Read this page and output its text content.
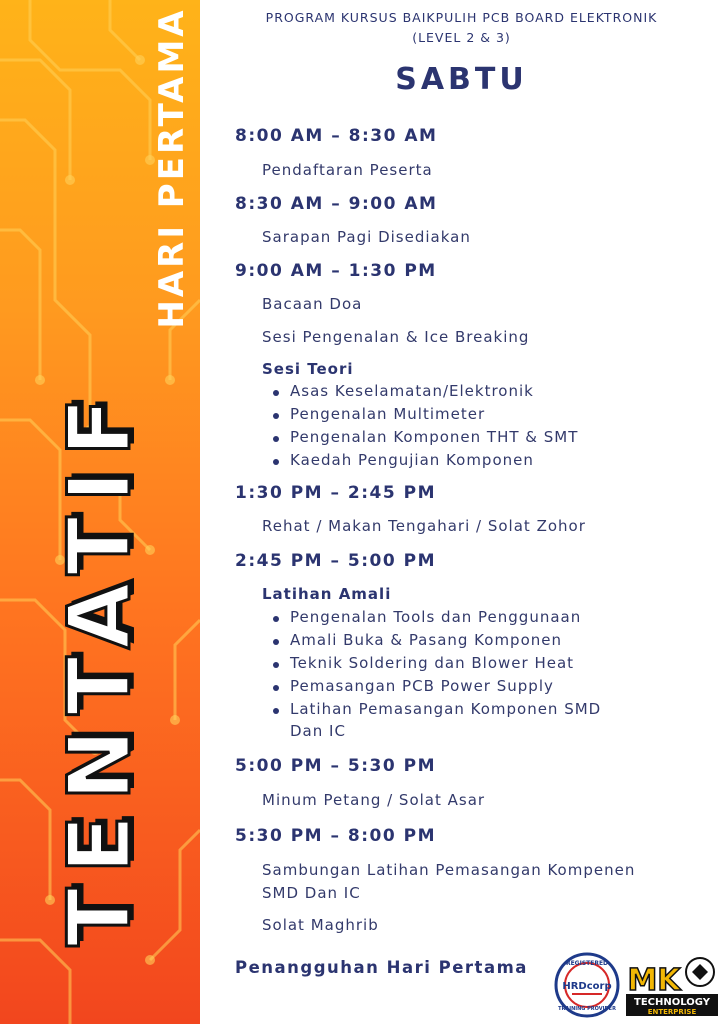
TENTATIF
HARI PERTAMA	PROGRAM KURSUS BAIKPULIH PCB BOARD ELEKTRONIK
(LEVEL 2 & 3)
SABTU
8:00 AM – 8:30 AM
Pendaftaran Peserta
8:30 AM – 9:00 AM
Sarapan Pagi Disediakan
9:00 AM – 1:30 PM
Bacaan Doa
Sesi Pengenalan & Ice Breaking
Sesi Teori
Asas Keselamatan/Elektronik
Pengenalan Multimeter
Pengenalan Komponen THT & SMT
Kaedah Pengujian Komponen
1:30 PM – 2:45 PM
Rehat / Makan Tengahari / Solat Zohor
2:45 PM – 5:00 PM
Latihan Amali
Pengenalan Tools dan Penggunaan
Amali Buka & Pasang Komponen
Teknik Soldering dan Blower Heat
Pemasangan PCB Power Supply
Latihan Pemasangan Komponen SMD
Dan IC
5:00 PM – 5:30 PM
Minum Petang / Solat Asar
5:30 PM – 8:00 PM
Sambungan Latihan Pemasangan Kompenen
SMD Dan IC
Solat Maghrib
Penangguhan Hari Pertama	REGISTERED
HRDcorp
TRAINING PROVIDER
MK
TECHNOLOGY
ENTERPRISE
